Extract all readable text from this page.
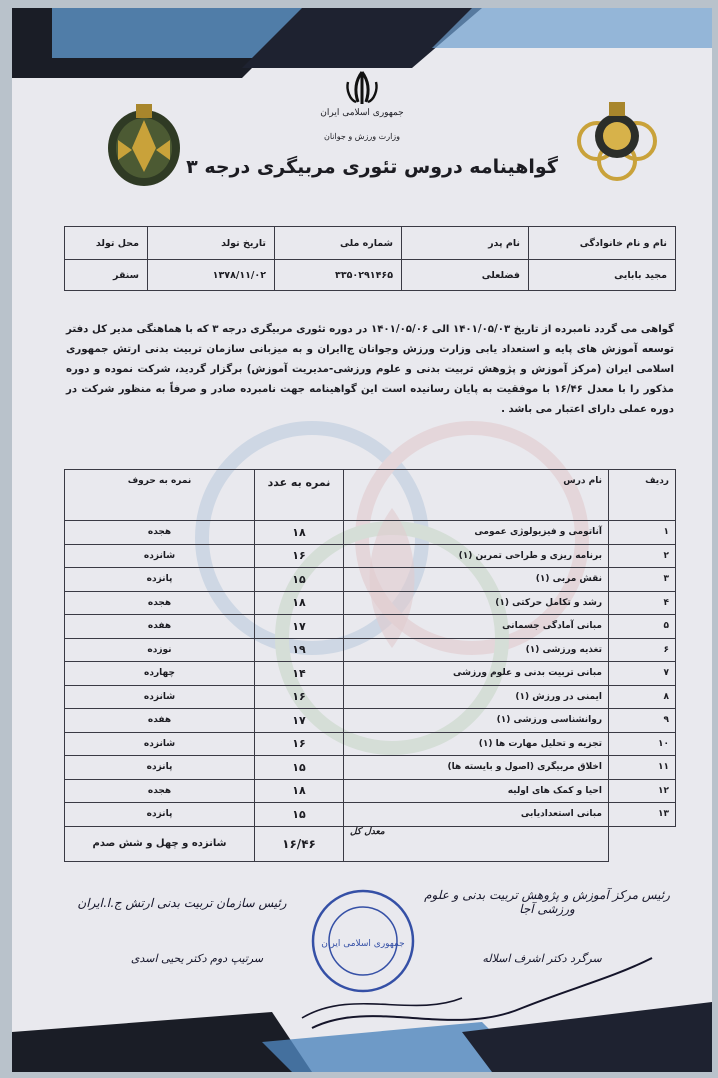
جمهوری اسلامی ایران
وزارت ورزش و جوانان
گواهینامه دروس تئوری مربیگری درجه ۳
نام و نام خانوادگی	نام پدر	شماره ملی	تاریخ تولد	محل تولد
مجید بابایی	فضلعلی	۳۳۵۰۲۹۱۴۶۵	۱۳۷۸/۱۱/۰۲	سنقر
گواهی می گردد نامبرده از تاریخ ۱۴۰۱/۰۵/۰۳ الی ۱۴۰۱/۰۵/۰۶ در دوره تئوری مربیگری درجه ۳ که با هماهنگی مدیر کل دفتر توسعه آموزش های پایه و استعداد یابی وزارت ورزش وجوانان ج‌ا‌ایران و به میزبانی سازمان تربیت بدنی ارتش جمهوری اسلامی ایران (مرکز آموزش و پژوهش تربیت بدنی و علوم ورزشی-مدیریت آموزش) برگزار گردید، شرکت نموده و دوره مذکور را با معدل ۱۶/۴۶ با موفقیت به پایان رسانیده است این گواهینامه جهت نامبرده صادر و صرفاً به منظور شرکت در دوره عملی دارای اعتبار می باشد .
ردیف	نام درس	نمره به عدد	نمره به حروف
۱	آناتومی و فیزیولوژی عمومی	۱۸	هجده
۲	برنامه ریزی و طراحی تمرین (۱)	۱۶	شانزده
۳	نقش مربی (۱)	۱۵	پانزده
۴	رشد و تکامل حرکتی (۱)	۱۸	هجده
۵	مبانی آمادگی جسمانی	۱۷	هفده
۶	تغذیه ورزشی (۱)	۱۹	نوزده
۷	مبانی تربیت بدنی و علوم ورزشی	۱۴	چهارده
۸	ایمنی در ورزش (۱)	۱۶	شانزده
۹	روانشناسی ورزشی (۱)	۱۷	هفده
۱۰	تجزیه و تحلیل مهارت ها (۱)	۱۶	شانزده
۱۱	اخلاق مربیگری (اصول و بایسته ها)	۱۵	پانزده
۱۲	احیا و کمک های اولیه	۱۸	هجده
۱۳	مبانی استعدادیابی	۱۵	پانزده
	معدل کل	۱۶/۴۶	شانزده و چهل و شش صدم
رئیس سازمان تربیت بدنی ارتش ج.ا.ایران
سرتیپ دوم دکتر یحیی اسدی
رئیس مرکز آموزش و پژوهش تربیت بدنی و علوم ورزشی آجا
سرگرد دکتر اشرف اسلاله
جمهوری اسلامی ایران
